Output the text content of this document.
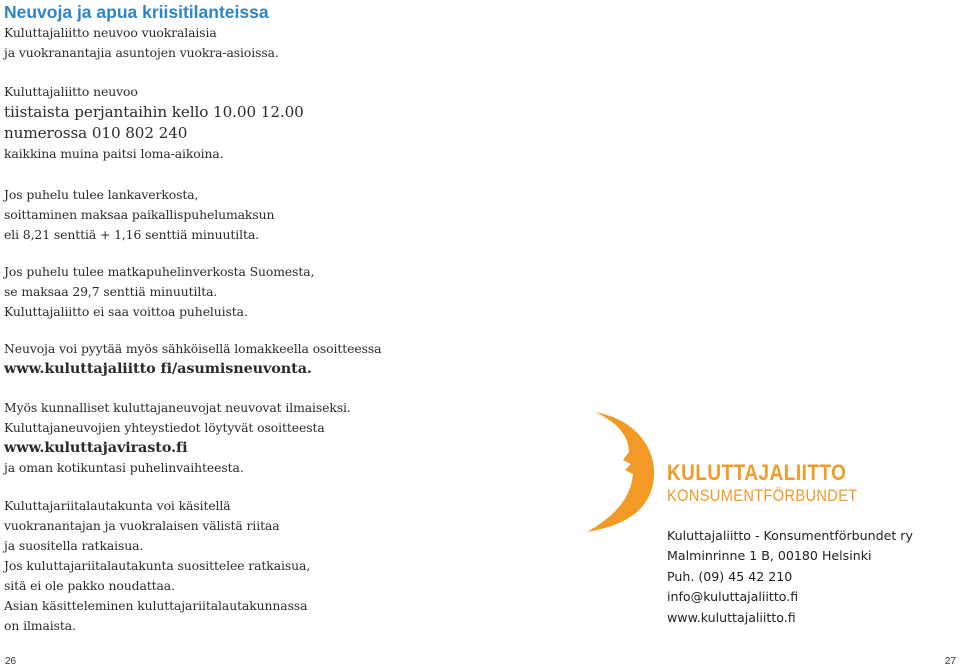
Neuvoja ja apua kriisitilanteissa

Kuluttajaliitto neuvoo vuokralaisia
ja vuokranantajia asuntojen vuokra-asioissa.

Kuluttajaliitto neuvoo
tiistaista perjantaihin kello 10.00 12.00
numerossa 010 802 240
kaikkina muina paitsi loma-aikoina.

Jos puhelu tulee lankaverkosta,
soittaminen maksaa paikallispuhelumaksun
eli 8,21 senttiä + 1,16 senttiä minuutilta.

Jos puhelu tulee matkapuhelinverkosta Suomesta,
se maksaa 29,7 senttiä minuutilta.
Kuluttajaliitto ei saa voittoa puheluista.

Neuvoja voi pyytää myös sähköisellä lomakkeella osoitteessa
www.kuluttajaliitto fi/asumisneuvonta.

Myös kunnalliset kuluttajaneuvojat neuvovat ilmaiseksi.
Kuluttajaneuvojien yhteystiedot löytyvät osoitteesta
www.kuluttajavirasto.fi
ja oman kotikuntasi puhelinvaihteesta.

Kuluttajariitalautakunta voi käsitellä
vuokranantajan ja vuokralaisen välistä riitaa
ja suositella ratkaisua.
Jos kuluttajariitalautakunta suosittelee ratkaisua,
sitä ei ole pakko noudattaa.
Asian käsitteleminen kuluttajariitalautakunnassa
on ilmaista.

KULUTTAJALIITTO

KONSUMENTFÖRBUNDET

Kuluttajaliitto - Konsumentförbundet ry
Malminrinne 1 B, 00180 Helsinki
Puh. (09) 45 42 210
info@kuluttajaliitto.fi
www.kuluttajaliitto.fi

26	27
